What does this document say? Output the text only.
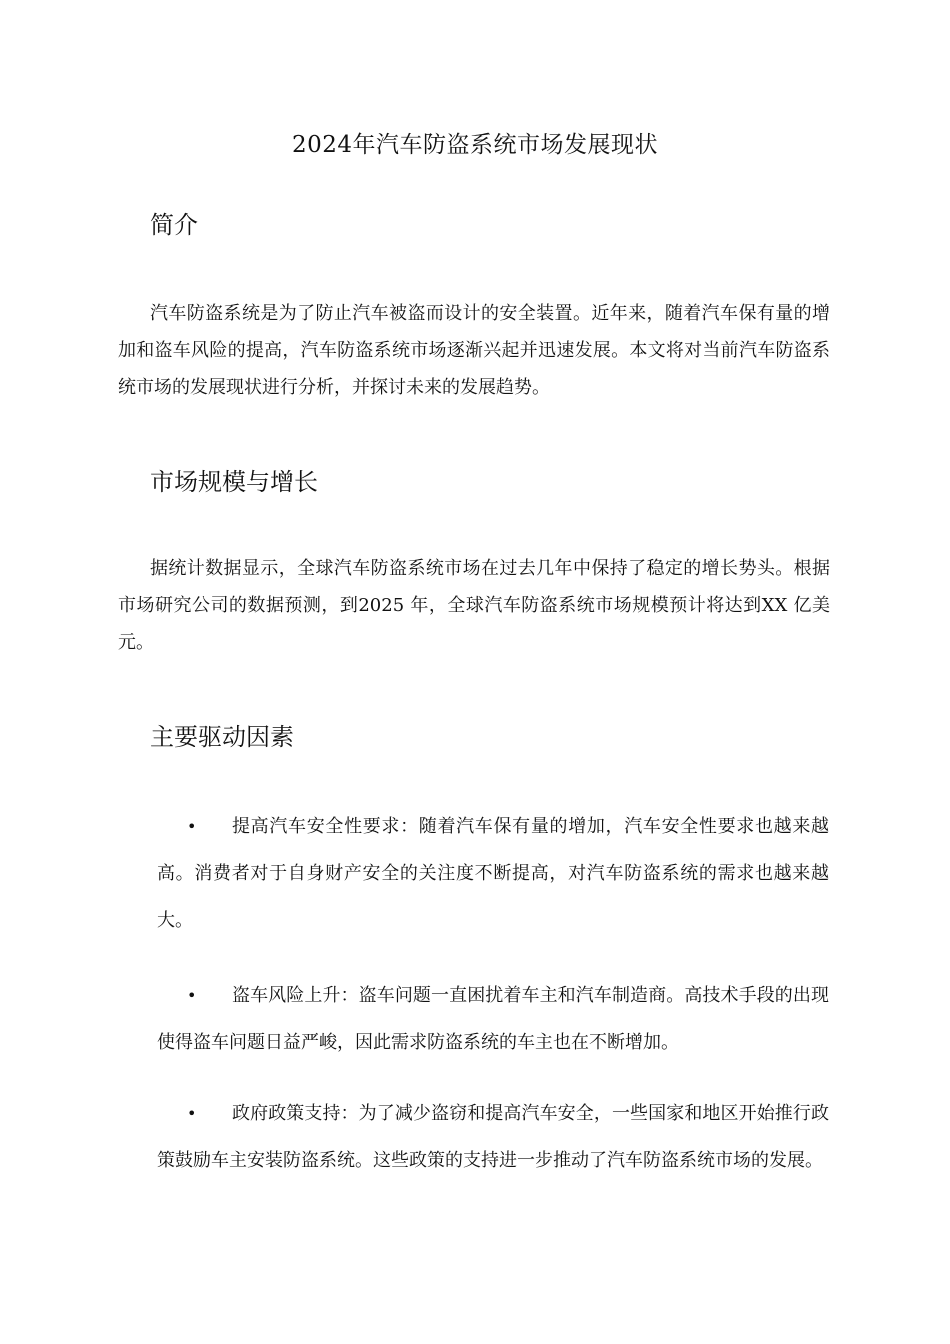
2024年汽车防盗系统市场发展现状
简介
汽车防盗系统是为了防止汽车被盗而设计的安全装置。近年来，随着汽车保有量的增加和盗车风险的提高，汽车防盗系统市场逐渐兴起并迅速发展。本文将对当前汽车防盗系统市场的发展现状进行分析，并探讨未来的发展趋势。
市场规模与增长
据统计数据显示，全球汽车防盗系统市场在过去几年中保持了稳定的增长势头。根据市场研究公司的数据预测，到2025 年，全球汽车防盗系统市场规模预计将达到XX 亿美元。
主要驱动因素
•	提高汽车安全性要求：随着汽车保有量的增加，汽车安全性要求也越来越高。消费者对于自身财产安全的关注度不断提高，对汽车防盗系统的需求也越来越大。
•	盗车风险上升：盗车问题一直困扰着车主和汽车制造商。高技术手段的出现使得盗车问题日益严峻，因此需求防盗系统的车主也在不断增加。
•	政府政策支持：为了减少盗窃和提高汽车安全，一些国家和地区开始推行政策鼓励车主安装防盗系统。这些政策的支持进一步推动了汽车防盗系统市场的发展。
